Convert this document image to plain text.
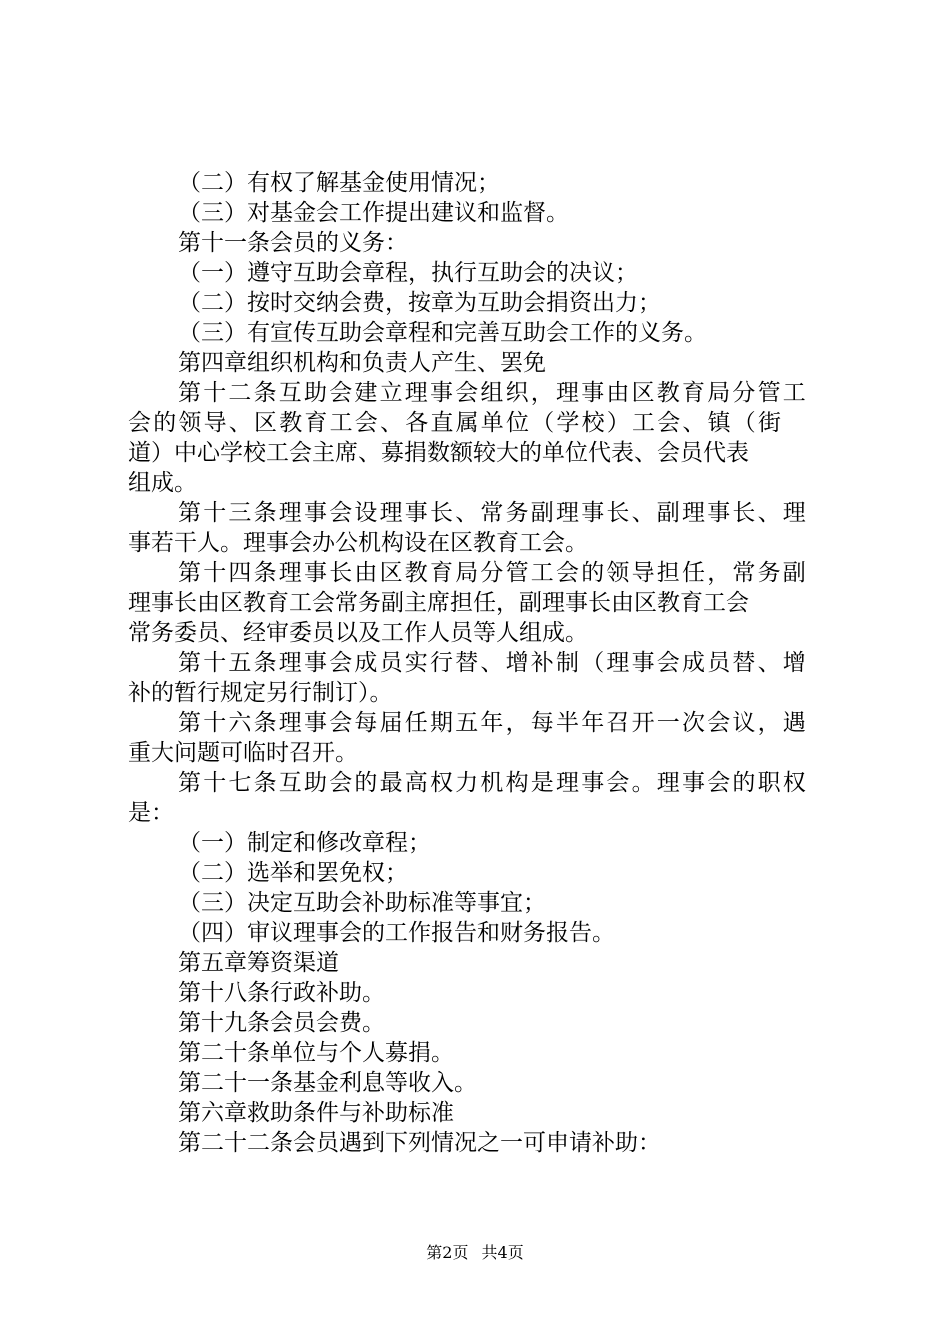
（二）有权了解基金使用情况；

（三）对基金会工作提出建议和监督。

第十一条会员的义务：

（一）遵守互助会章程，执行互助会的决议；

（二）按时交纳会费，按章为互助会捐资出力；

（三）有宣传互助会章程和完善互助会工作的义务。

第四章组织机构和负责人产生、罢免

第十二条互助会建立理事会组织，理事由区教育局分管工

会的领导、区教育工会、各直属单位（学校）工会、镇（街

道）中心学校工会主席、募捐数额较大的单位代表、会员代表

组成。

第十三条理事会设理事长、常务副理事长、副理事长、理

事若干人。理事会办公机构设在区教育工会。

第十四条理事长由区教育局分管工会的领导担任，常务副

理事长由区教育工会常务副主席担任，副理事长由区教育工会

常务委员、经审委员以及工作人员等人组成。

第十五条理事会成员实行替、增补制（理事会成员替、增

补的暂行规定另行制订）。

第十六条理事会每届任期五年，每半年召开一次会议，遇

重大问题可临时召开。

第十七条互助会的最高权力机构是理事会。理事会的职权

是：

（一）制定和修改章程；

（二）选举和罢免权；

（三）决定互助会补助标准等事宜；

（四）审议理事会的工作报告和财务报告。

第五章筹资渠道

第十八条行政补助。

第十九条会员会费。

第二十条单位与个人募捐。

第二十一条基金利息等收入。

第六章救助条件与补助标准

第二十二条会员遇到下列情况之一可申请补助：

第2页 共4页
